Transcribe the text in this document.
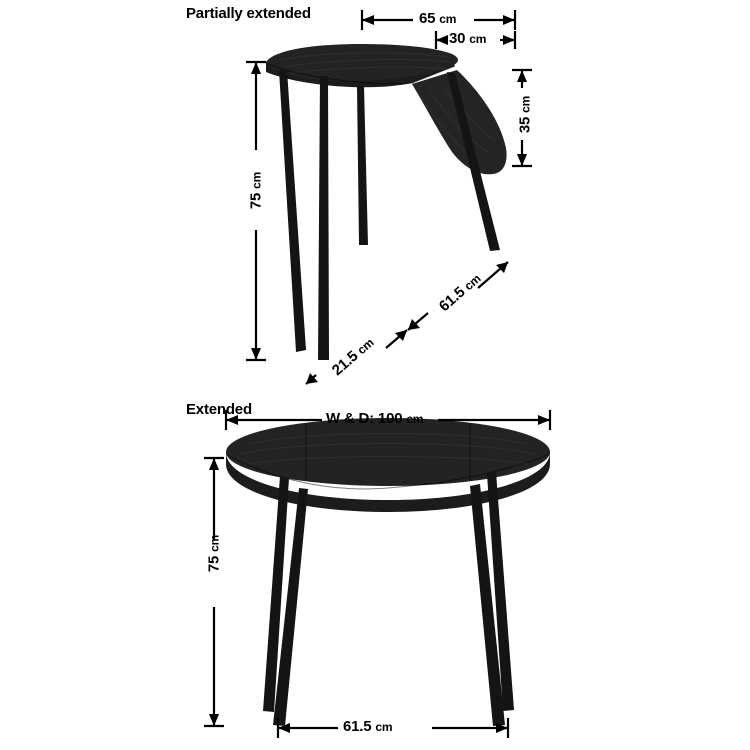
Partially extended	65 cm
30 cm
35 cm
75 cm
21.5 cm
61.5 cm
Extended
W & D: 100 cm
75 cm
61.5 cm
